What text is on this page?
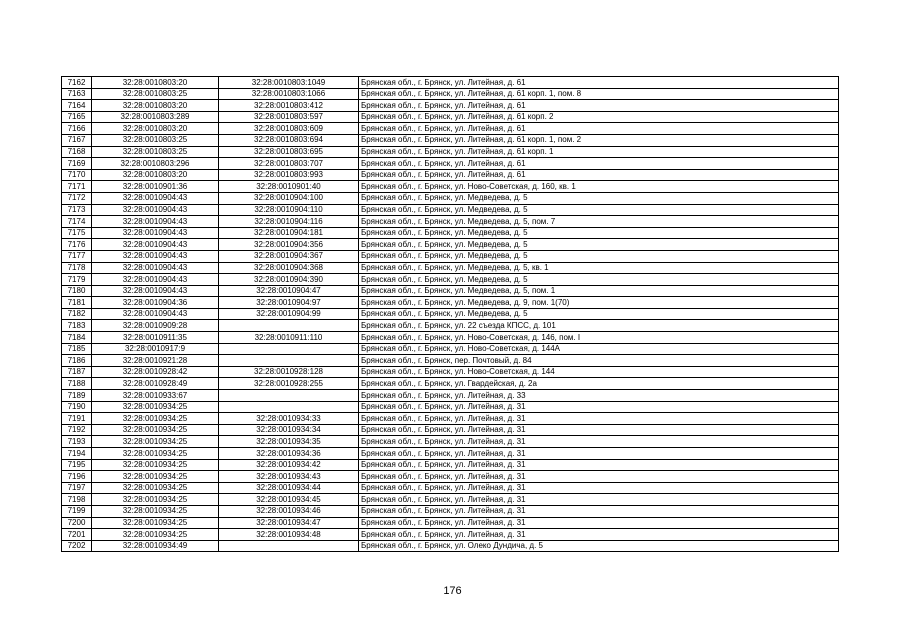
7162	32:28:0010803:20	32:28:0010803:1049	Брянская обл., г. Брянск, ул. Литейная, д. 61
7163	32:28:0010803:25	32:28:0010803:1066	Брянская обл., г. Брянск, ул. Литейная, д. 61 корп. 1, пом. 8
7164	32:28:0010803:20	32:28:0010803:412	Брянская обл., г. Брянск, ул. Литейная, д. 61
7165	32:28:0010803:289	32:28:0010803:597	Брянская обл., г. Брянск, ул. Литейная, д. 61 корп. 2
7166	32:28:0010803:20	32:28:0010803:609	Брянская обл., г. Брянск, ул. Литейная, д. 61
7167	32:28:0010803:25	32:28:0010803:694	Брянская обл., г. Брянск, ул. Литейная, д. 61 корп. 1, пом. 2
7168	32:28:0010803:25	32:28:0010803:695	Брянская обл., г. Брянск, ул. Литейная, д. 61 корп. 1
7169	32:28:0010803:296	32:28:0010803:707	Брянская обл., г. Брянск, ул. Литейная, д. 61
7170	32:28:0010803:20	32:28:0010803:993	Брянская обл., г. Брянск, ул. Литейная, д. 61
7171	32:28:0010901:36	32:28:0010901:40	Брянская обл., г. Брянск, ул. Ново-Советская, д. 160, кв. 1
7172	32:28:0010904:43	32:28:0010904:100	Брянская обл., г. Брянск, ул. Медведева, д. 5
7173	32:28:0010904:43	32:28:0010904:110	Брянская обл., г. Брянск, ул. Медведева, д. 5
7174	32:28:0010904:43	32:28:0010904:116	Брянская обл., г. Брянск, ул. Медведева, д. 5, пом. 7
7175	32:28:0010904:43	32:28:0010904:181	Брянская обл., г. Брянск, ул. Медведева, д. 5
7176	32:28:0010904:43	32:28:0010904:356	Брянская обл., г. Брянск, ул. Медведева, д. 5
7177	32:28:0010904:43	32:28:0010904:367	Брянская обл., г. Брянск, ул. Медведева, д. 5
7178	32:28:0010904:43	32:28:0010904:368	Брянская обл., г. Брянск, ул. Медведева, д. 5, кв. 1
7179	32:28:0010904:43	32:28:0010904:390	Брянская обл., г. Брянск, ул. Медведева, д. 5
7180	32:28:0010904:43	32:28:0010904:47	Брянская обл., г. Брянск, ул. Медведева, д. 5, пом. 1
7181	32:28:0010904:36	32:28:0010904:97	Брянская обл., г. Брянск, ул. Медведева, д. 9, пом. 1(70)
7182	32:28:0010904:43	32:28:0010904:99	Брянская обл., г. Брянск, ул. Медведева, д. 5
7183	32:28:0010909:28		Брянская обл., г. Брянск, ул. 22 съезда КПСС, д. 101
7184	32:28:0010911:35	32:28:0010911:110	Брянская обл., г. Брянск, ул. Ново-Советская, д. 146, пом. I
7185	32:28:0010917:9		Брянская обл., г. Брянск, ул. Ново-Советская, д. 144А
7186	32:28:0010921:28		Брянская обл., г. Брянск, пер. Почтовый, д. 84
7187	32:28:0010928:42	32:28:0010928:128	Брянская обл., г. Брянск, ул. Ново-Советская, д. 144
7188	32:28:0010928:49	32:28:0010928:255	Брянская обл., г. Брянск, ул. Гвардейская, д. 2а
7189	32:28:0010933:67		Брянская обл., г. Брянск, ул. Литейная, д. 33
7190	32:28:0010934:25		Брянская обл., г. Брянск, ул. Литейная, д. 31
7191	32:28:0010934:25	32:28:0010934:33	Брянская обл., г. Брянск, ул. Литейная, д. 31
7192	32:28:0010934:25	32:28:0010934:34	Брянская обл., г. Брянск, ул. Литейная, д. 31
7193	32:28:0010934:25	32:28:0010934:35	Брянская обл., г. Брянск, ул. Литейная, д. 31
7194	32:28:0010934:25	32:28:0010934:36	Брянская обл., г. Брянск, ул. Литейная, д. 31
7195	32:28:0010934:25	32:28:0010934:42	Брянская обл., г. Брянск, ул. Литейная, д. 31
7196	32:28:0010934:25	32:28:0010934:43	Брянская обл., г. Брянск, ул. Литейная, д. 31
7197	32:28:0010934:25	32:28:0010934:44	Брянская обл., г. Брянск, ул. Литейная, д. 31
7198	32:28:0010934:25	32:28:0010934:45	Брянская обл., г. Брянск, ул. Литейная, д. 31
7199	32:28:0010934:25	32:28:0010934:46	Брянская обл., г. Брянск, ул. Литейная, д. 31
7200	32:28:0010934:25	32:28:0010934:47	Брянская обл., г. Брянск, ул. Литейная, д. 31
7201	32:28:0010934:25	32:28:0010934:48	Брянская обл., г. Брянск, ул. Литейная, д. 31
7202	32:28:0010934:49		Брянская обл., г. Брянск, ул. Олеко Дундича, д. 5
176
